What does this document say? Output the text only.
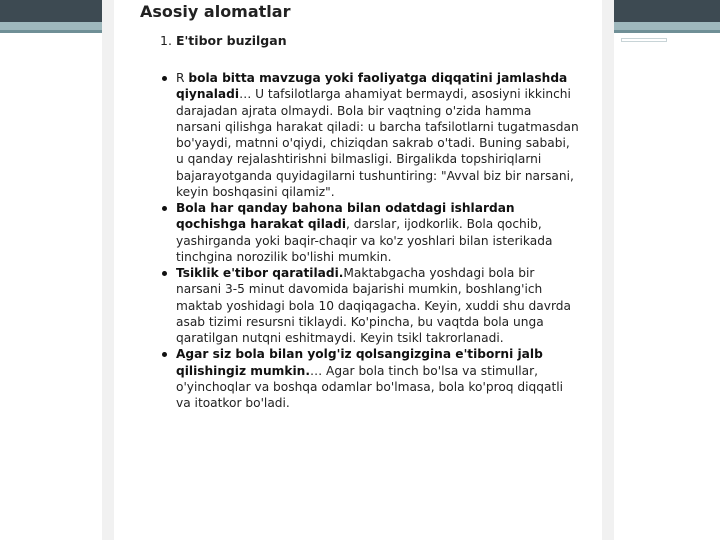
Asosiy alomatlar
1. E'tibor buzilgan
R bola bitta mavzuga yoki faoliyatga diqqatini jamlashda qiynaladi… U tafsilotlarga ahamiyat bermaydi, asosiyni ikkinchi darajadan ajrata olmaydi. Bola bir vaqtning o'zida hamma narsani qilishga harakat qiladi: u barcha tafsilotlarni tugatmasdan bo'yaydi, matnni o'qiydi, chiziqdan sakrab o'tadi. Buning sababi, u qanday rejalashtirishni bilmasligi. Birgalikda topshiriqlarni bajarayotganda quyidagilarni tushuntiring: "Avval biz bir narsani, keyin boshqasini qilamiz".
Bola har qanday bahona bilan odatdagi ishlardan qochishga harakat qiladi, darslar, ijodkorlik. Bola qochib, yashirganda yoki baqir-chaqir va ko'z yoshlari bilan isterikada tinchgina norozilik bo'lishi mumkin.
Tsiklik e'tibor qaratiladi.Maktabgacha yoshdagi bola bir narsani 3-5 minut davomida bajarishi mumkin, boshlang'ich maktab yoshidagi bola 10 daqiqagacha. Keyin, xuddi shu davrda asab tizimi resursni tiklaydi. Ko'pincha, bu vaqtda bola unga qaratilgan nutqni eshitmaydi. Keyin tsikl takrorlanadi.
Agar siz bola bilan yolg'iz qolsangizgina e'tiborni jalb qilishingiz mumkin.… Agar bola tinch bo'lsa va stimullar, o'yinchoqlar va boshqa odamlar bo'lmasa, bola ko'proq diqqatli va itoatkor bo'ladi.
